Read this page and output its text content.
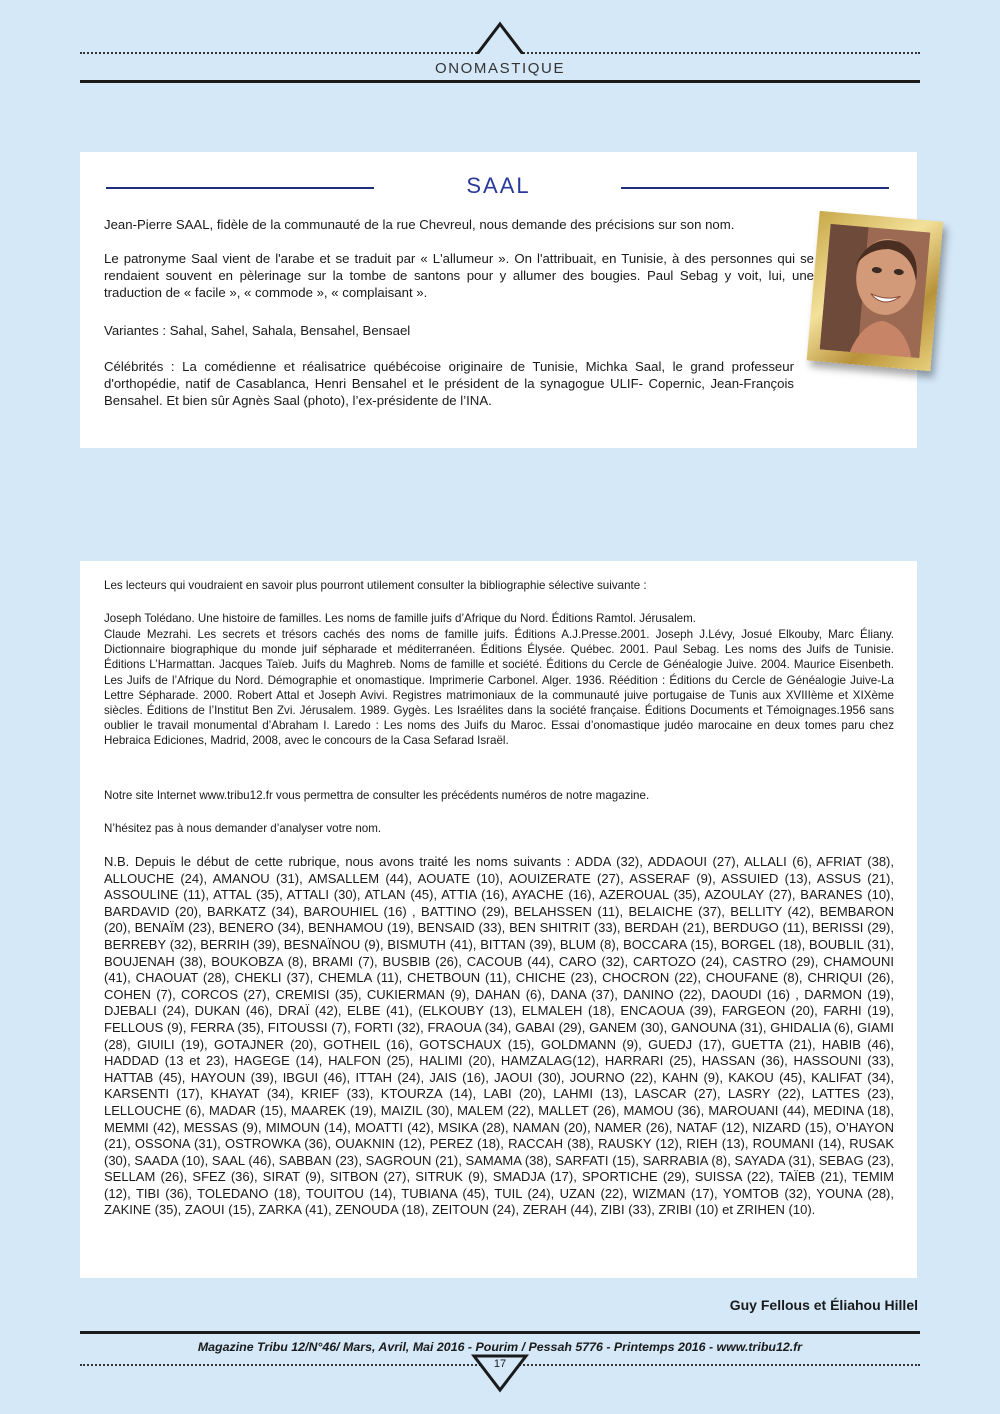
ONOMASTIQUE
SAAL

Jean-Pierre SAAL, fidèle de la communauté de la rue Chevreul, nous demande des précisions sur son nom.

Le patronyme Saal vient de l'arabe et se traduit par « L'allumeur ». On l'attribuait, en Tunisie, à des personnes qui se rendaient souvent en pèlerinage sur la tombe de santons pour y allumer des bougies. Paul Sebag y voit, lui, une traduction de « facile », « commode », « complaisant ».

Variantes : Sahal, Sahel, Sahala, Bensahel, Bensael

Célébrités : La comédienne et réalisatrice québécoise originaire de Tunisie, Michka Saal, le grand professeur d'orthopédie, natif de Casablanca, Henri Bensahel et le président de la synagogue ULIF- Copernic, Jean-François Bensahel. Et bien sûr Agnès Saal (photo), l’ex-présidente de l’INA.

Les lecteurs qui voudraient en savoir plus pourront utilement consulter la bibliographie sélective suivante :

Joseph Tolédano. Une histoire de familles. Les noms de famille juifs d’Afrique du Nord. Éditions Ramtol. Jérusalem.

Claude Mezrahi. Les secrets et trésors cachés des noms de famille juifs. Éditions A.J.Presse.2001. Joseph J.Lévy, Josué Elkouby, Marc Éliany. Dictionnaire biographique du monde juif sépharade et méditerranéen. Éditions Élysée. Québec. 2001. Paul Sebag. Les noms des Juifs de Tunisie. Éditions L’Harmattan. Jacques Taïeb. Juifs du Maghreb. Noms de famille et société. Éditions du Cercle de Généalogie Juive. 2004. Maurice Eisenbeth. Les Juifs de l’Afrique du Nord. Démographie et onomastique. Imprimerie Carbonel. Alger. 1936. Réédition : Éditions du Cercle de Généalogie Juive-La Lettre Sépharade. 2000. Robert Attal et Joseph Avivi. Registres matrimoniaux de la communauté juive portugaise de Tunis aux XVIIIème et XIXème siècles. Éditions de l’Institut Ben Zvi. Jérusalem. 1989. Gygès. Les Israélites dans la société française. Éditions Documents et Témoignages.1956 sans oublier le travail monumental d’Abraham I. Laredo : Les noms des Juifs du Maroc. Essai d’onomastique judéo marocaine en deux tomes paru chez Hebraica Ediciones, Madrid, 2008, avec le concours de la Casa Sefarad Israël.

Notre site Internet www.tribu12.fr vous permettra de consulter les précédents numéros de notre magazine.

N’hésitez pas à nous demander d’analyser votre nom.

N.B. Depuis le début de cette rubrique, nous avons traité les noms suivants : ADDA (32), ADDAOUI (27), ALLALI (6), AFRIAT (38), ALLOUCHE (24), AMANOU (31), AMSALLEM (44), AOUATE (10), AOUIZERATE (27), ASSERAF (9), ASSUIED (13), ASSUS (21), ASSOULINE (11), ATTAL (35), ATTALI (30), ATLAN (45), ATTIA (16), AYACHE (16), AZEROUAL (35), AZOULAY (27), BARANES (10), BARDAVID (20), BARKATZ (34), BAROUHIEL (16) , BATTINO (29), BELAHSSEN (11), BELAICHE (37), BELLITY (42), BEMBARON (20), BENAÏM (23), BENERO (34), BENHAMOU (19), BENSAID (33), BEN SHITRIT (33), BERDAH (21), BERDUGO (11), BERISSI (29), BERREBY (32), BERRIH (39), BESNAÏNOU (9), BISMUTH (41), BITTAN (39), BLUM (8), BOCCARA (15), BORGEL (18), BOUBLIL (31), BOUJENAH (38), BOUKOBZA (8), BRAMI (7), BUSBIB (26), CACOUB (44), CARO (32), CARTOZO (24), CASTRO (29), CHAMOUNI (41), CHAOUAT (28), CHEKLI (37), CHEMLA (11), CHETBOUN (11), CHICHE (23), CHOCRON (22), CHOUFANE (8), CHRIQUI (26), COHEN (7), CORCOS (27), CREMISI (35), CUKIERMAN (9), DAHAN (6), DANA (37), DANINO (22), DAOUDI (16) , DARMON (19), DJEBALI (24), DUKAN (46), DRAÏ (42), ELBE (41), (ELKOUBY (13), ELMALEH (18), ENCAOUA (39), FARGEON (20), FARHI (19), FELLOUS (9), FERRA (35), FITOUSSI (7), FORTI (32), FRAOUA (34), GABAI (29), GANEM (30), GANOUNA (31), GHIDALIA (6), GIAMI (28), GIUILI (19), GOTAJNER (20), GOTHEIL (16), GOTSCHAUX (15), GOLDMANN (9), GUEDJ (17), GUETTA (21), HABIB (46), HADDAD (13 et 23), HAGEGE (14), HALFON (25), HALIMI (20), HAMZALAG(12), HARRARI (25), HASSAN (36), HASSOUNI (33), HATTAB (45), HAYOUN (39), IBGUI (46), ITTAH (24), JAIS (16), JAOUI (30), JOURNO (22), KAHN (9), KAKOU (45), KALIFAT (34), KARSENTI (17), KHAYAT (34), KRIEF (33), KTOURZA (14), LABI (20), LAHMI (13), LASCAR (27), LASRY (22), LATTES (23), LELLOUCHE (6), MADAR (15), MAAREK (19), MAIZIL (30), MALEM (22), MALLET (26), MAMOU (36), MAROUANI (44), MEDINA (18), MEMMI (42), MESSAS (9), MIMOUN (14), MOATTI (42), MSIKA (28), NAMAN (20), NAMER (26), NATAF (12), NIZARD (15), O’HAYON (21), OSSONA (31), OSTROWKA (36), OUAKNIN (12), PEREZ (18), RACCAH (38), RAUSKY (12), RIEH (13), ROUMANI (14), RUSAK (30), SAADA (10), SAAL (46), SABBAN (23), SAGROUN (21), SAMAMA (38), SARFATI (15), SARRABIA (8), SAYADA (31), SEBAG (23), SELLAM (26), SFEZ (36), SIRAT (9), SITBON (27), SITRUK (9), SMADJA (17), SPORTICHE (29), SUISSA (22), TAÏEB (21), TEMIM (12), TIBI (36), TOLEDANO (18), TOUITOU (14), TUBIANA (45), TUIL (24), UZAN (22), WIZMAN (17), YOMTOB (32), YOUNA (28), ZAKINE (35), ZAOUI (15), ZARKA (41), ZENOUDA (18), ZEITOUN (24), ZERAH (44), ZIBI (33), ZRIBI (10) et ZRIHEN (10).

Guy Fellous et Éliahou Hillel
Magazine Tribu 12/N°46/ Mars, Avril, Mai 2016 - Pourim / Pessah 5776 - Printemps 2016 - www.tribu12.fr
17
